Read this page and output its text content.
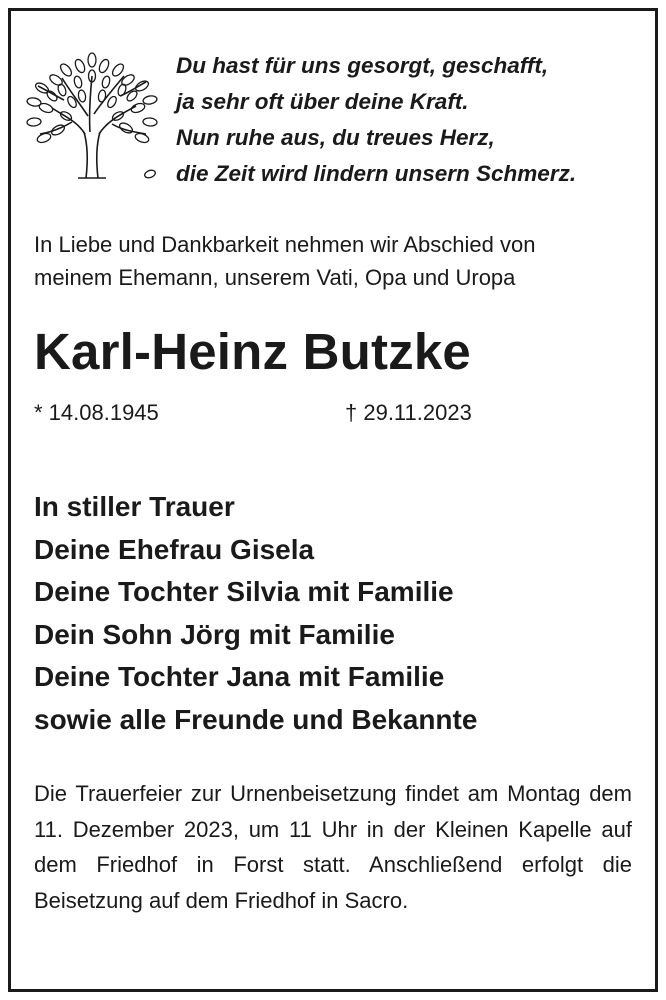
Du hast für uns gesorgt, geschafft,
ja sehr oft über deine Kraft.
Nun ruhe aus, du treues Herz,
die Zeit wird lindern unsern Schmerz.
In Liebe und Dankbarkeit nehmen wir Abschied von
meinem Ehemann, unserem Vati, Opa und Uropa
Karl-Heinz Butzke
* 14.08.1945	† 29.11.2023
In stiller Trauer
Deine Ehefrau Gisela
Deine Tochter Silvia mit Familie
Dein Sohn Jörg mit Familie
Deine Tochter Jana mit Familie
sowie alle Freunde und Bekannte
Die Trauerfeier zur Urnenbeisetzung findet am Montag dem 11. Dezember 2023, um 11 Uhr in der Kleinen Kapelle auf dem Friedhof in Forst statt. Anschließend erfolgt die Beisetzung auf dem Friedhof in Sacro.
